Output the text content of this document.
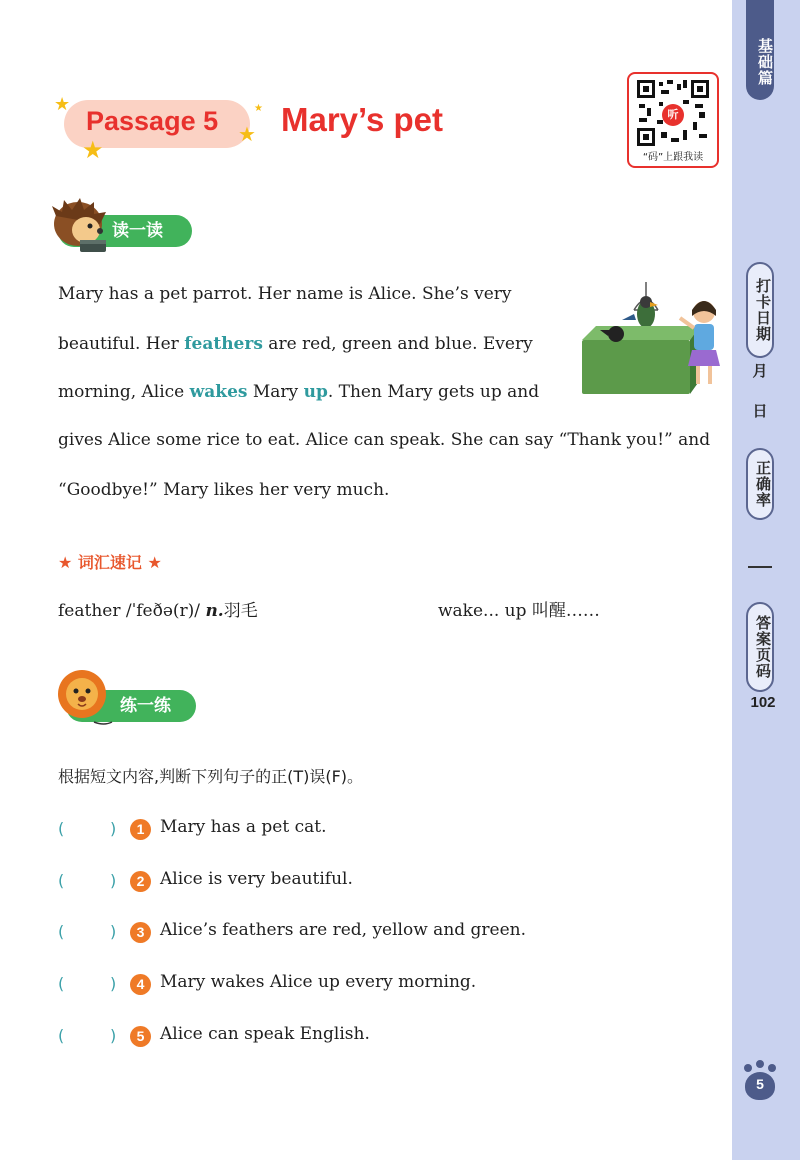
基础篇
打卡日期
月
日
正确率
答案页码
102
5
★
★
★
★
Passage 5 Mary’s pet	听
“码”上跟我读
读一读
Mary has a pet parrot. Her name is Alice. She’s very
beautiful. Her feathers are red, green and blue. Every
morning, Alice wakes Mary up. Then Mary gets up and
gives Alice some rice to eat. Alice can speak. She can say “Thank you!” and
“Goodbye!” Mary likes her very much.
★ 词汇速记 ★
feather /ˈfeðə(r)/ n.羽毛	wake... up 叫醒……
练一练
根据短文内容,判断下列句子的正(T)误(F)。
(	)	1 Mary has a pet cat.
(	)	2 Alice is very beautiful.
(	)	3 Alice’s feathers are red, yellow and green.
(	)	4 Mary wakes Alice up every morning.
(	)	5 Alice can speak English.
